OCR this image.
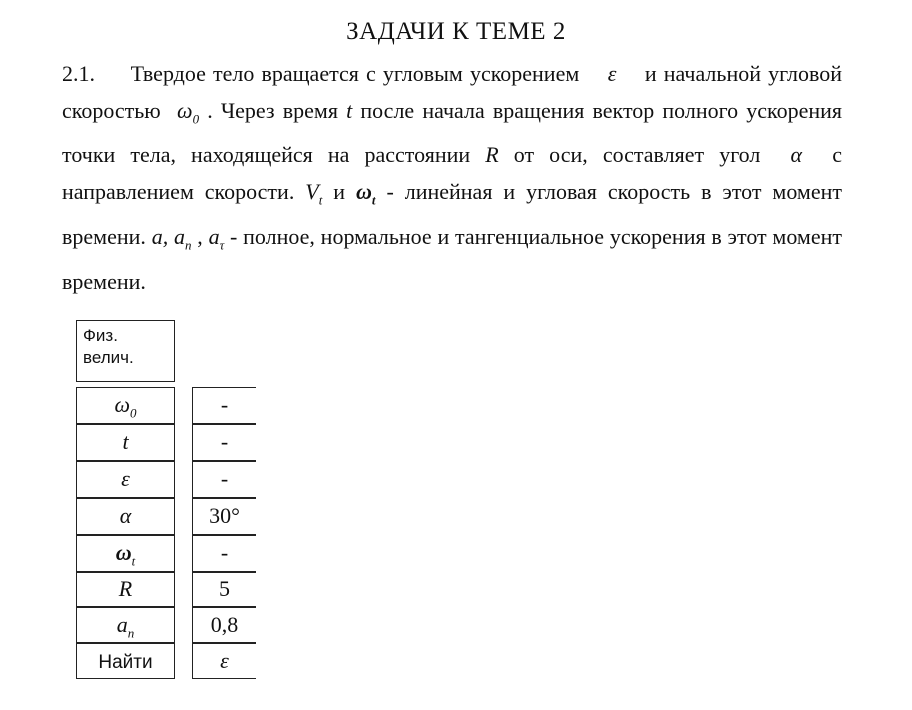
ЗАДАЧИ К ТЕМЕ 2
2.1. Твердое тело вращается с угловым ускорением    ε    и начальной угловой скоростью  $\omega_0$ . Через время t после начала вращения вектор полного ускорения точки тела, находящейся на расстоянии R от оси, составляет угол  α  с направлением скорости. $V_t$ и $\omega_t$ - линейная и угловая скорость в этот момент времени. a, $a_n$ , $a_\tau$ - полное, нормальное и тангенциальное ускорения в этот момент времени.
Физ.
велич.
$\omega_0$	-
t	-
ε	-
α	30°
$\omega_t$	-
R	5
$a_n$	0,8
Найти	ε
